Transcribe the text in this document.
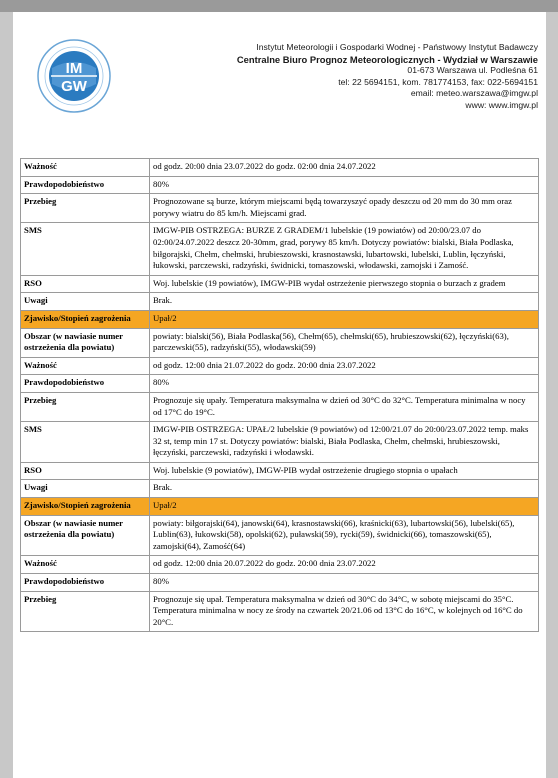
IM
GW
Instytut Meteorologii i Gospodarki Wodnej - Państwowy Instytut Badawczy
Centralne Biuro Prognoz Meteorologicznych - Wydział w Warszawie
01-673 Warszawa ul. Podleśna 61
tel: 22 5694151, kom. 781774153, fax: 022-5694151
email: meteo.warszawa@imgw.pl
www: www.imgw.pl
Ważność	od godz. 20:00 dnia 23.07.2022 do godz. 02:00 dnia 24.07.2022
Prawdopodobieństwo	80%
Przebieg	Prognozowane są burze, którym miejscami będą towarzyszyć opady deszczu od 20 mm do 30 mm oraz porywy wiatru do 85 km/h. Miejscami grad.
SMS	IMGW-PIB OSTRZEGA: BURZE Z GRADEM/1 lubelskie (19 powiatów) od 20:00/23.07 do 02:00/24.07.2022 deszcz 20-30mm, grad, porywy 85 km/h. Dotyczy powiatów: bialski, Biała Podlaska, biłgorajski, Chełm, chełmski, hrubieszowski, krasnostawski, lubartowski, lubelski, Lublin, łęczyński, łukowski, parczewski, radzyński, świdnicki, tomaszowski, włodawski, zamojski i Zamość.
RSO	Woj. lubelskie (19 powiatów), IMGW-PIB wydał ostrzeżenie pierwszego stopnia o burzach z gradem
Uwagi	Brak.
Zjawisko/Stopień zagrożenia	Upał/2
Obszar (w nawiasie numer ostrzeżenia dla powiatu)	powiaty: bialski(56), Biała Podlaska(56), Chełm(65), chełmski(65), hrubieszowski(62), łęczyński(63), parczewski(55), radzyński(55), włodawski(59)
Ważność	od godz. 12:00 dnia 21.07.2022 do godz. 20:00 dnia 23.07.2022
Prawdopodobieństwo	80%
Przebieg	Prognozuje się upały. Temperatura maksymalna w dzień od 30°C do 32°C. Temperatura minimalna w nocy od 17°C do 19°C.
SMS	IMGW-PIB OSTRZEGA: UPAŁ/2 lubelskie (9 powiatów) od 12:00/21.07 do 20:00/23.07.2022 temp. maks 32 st, temp min 17 st. Dotyczy powiatów: bialski, Biała Podlaska, Chełm, chełmski, hrubieszowski, łęczyński, parczewski, radzyński i włodawski.
RSO	Woj. lubelskie (9 powiatów), IMGW-PIB wydał ostrzeżenie drugiego stopnia o upałach
Uwagi	Brak.
Zjawisko/Stopień zagrożenia	Upał/2
Obszar (w nawiasie numer ostrzeżenia dla powiatu)	powiaty: biłgorajski(64), janowski(64), krasnostawski(66), kraśnicki(63), lubartowski(56), lubelski(65), Lublin(63), łukowski(58), opolski(62), puławski(59), rycki(59), świdnicki(66), tomaszowski(65), zamojski(64), Zamość(64)
Ważność	od godz. 12:00 dnia 20.07.2022 do godz. 20:00 dnia 23.07.2022
Prawdopodobieństwo	80%
Przebieg	Prognozuje się upał. Temperatura maksymalna w dzień od 30°C do 34°C, w sobotę miejscami do 35°C. Temperatura minimalna w nocy ze środy na czwartek 20/21.06 od 13°C do 16°C, w kolejnych od 16°C do 20°C.
